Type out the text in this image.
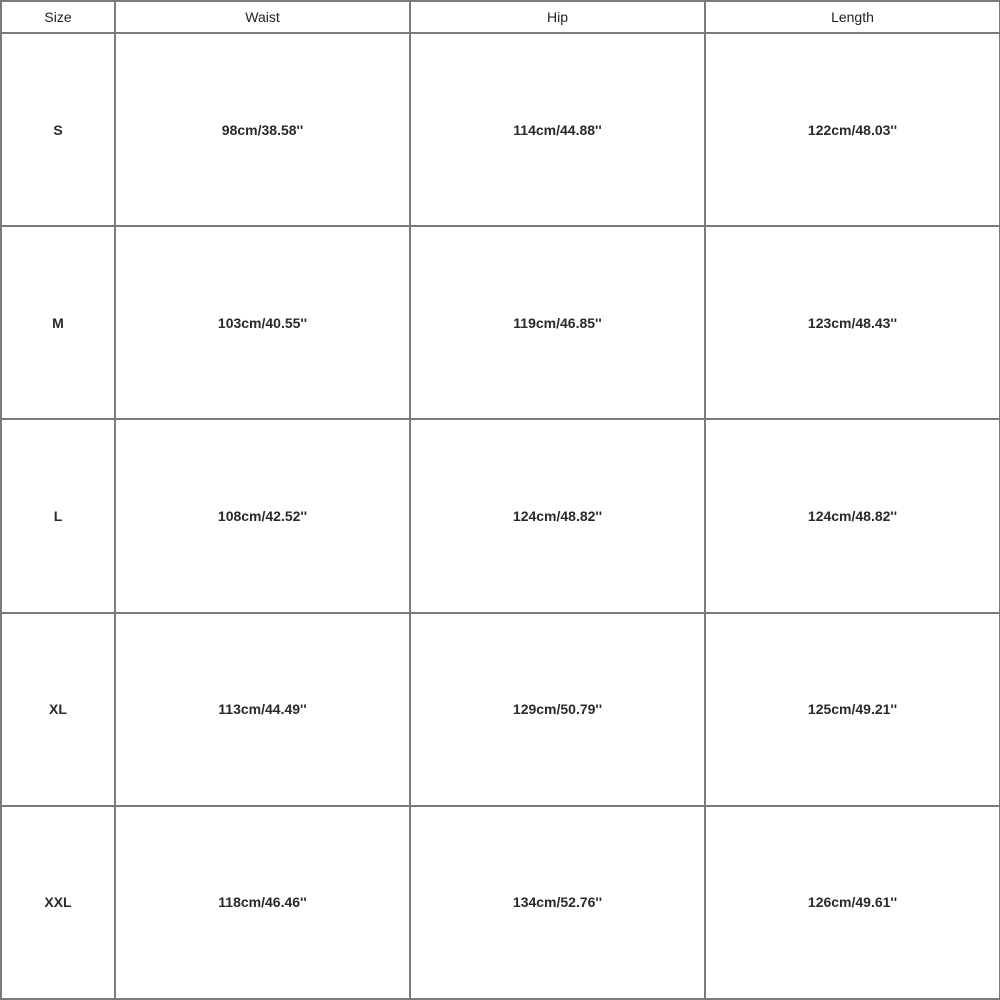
Size	Waist	Hip	Length
S	98cm/38.58''	114cm/44.88''	122cm/48.03''
M	103cm/40.55''	119cm/46.85''	123cm/48.43''
L	108cm/42.52''	124cm/48.82''	124cm/48.82''
XL	113cm/44.49''	129cm/50.79''	125cm/49.21''
XXL	118cm/46.46''	134cm/52.76''	126cm/49.61''
